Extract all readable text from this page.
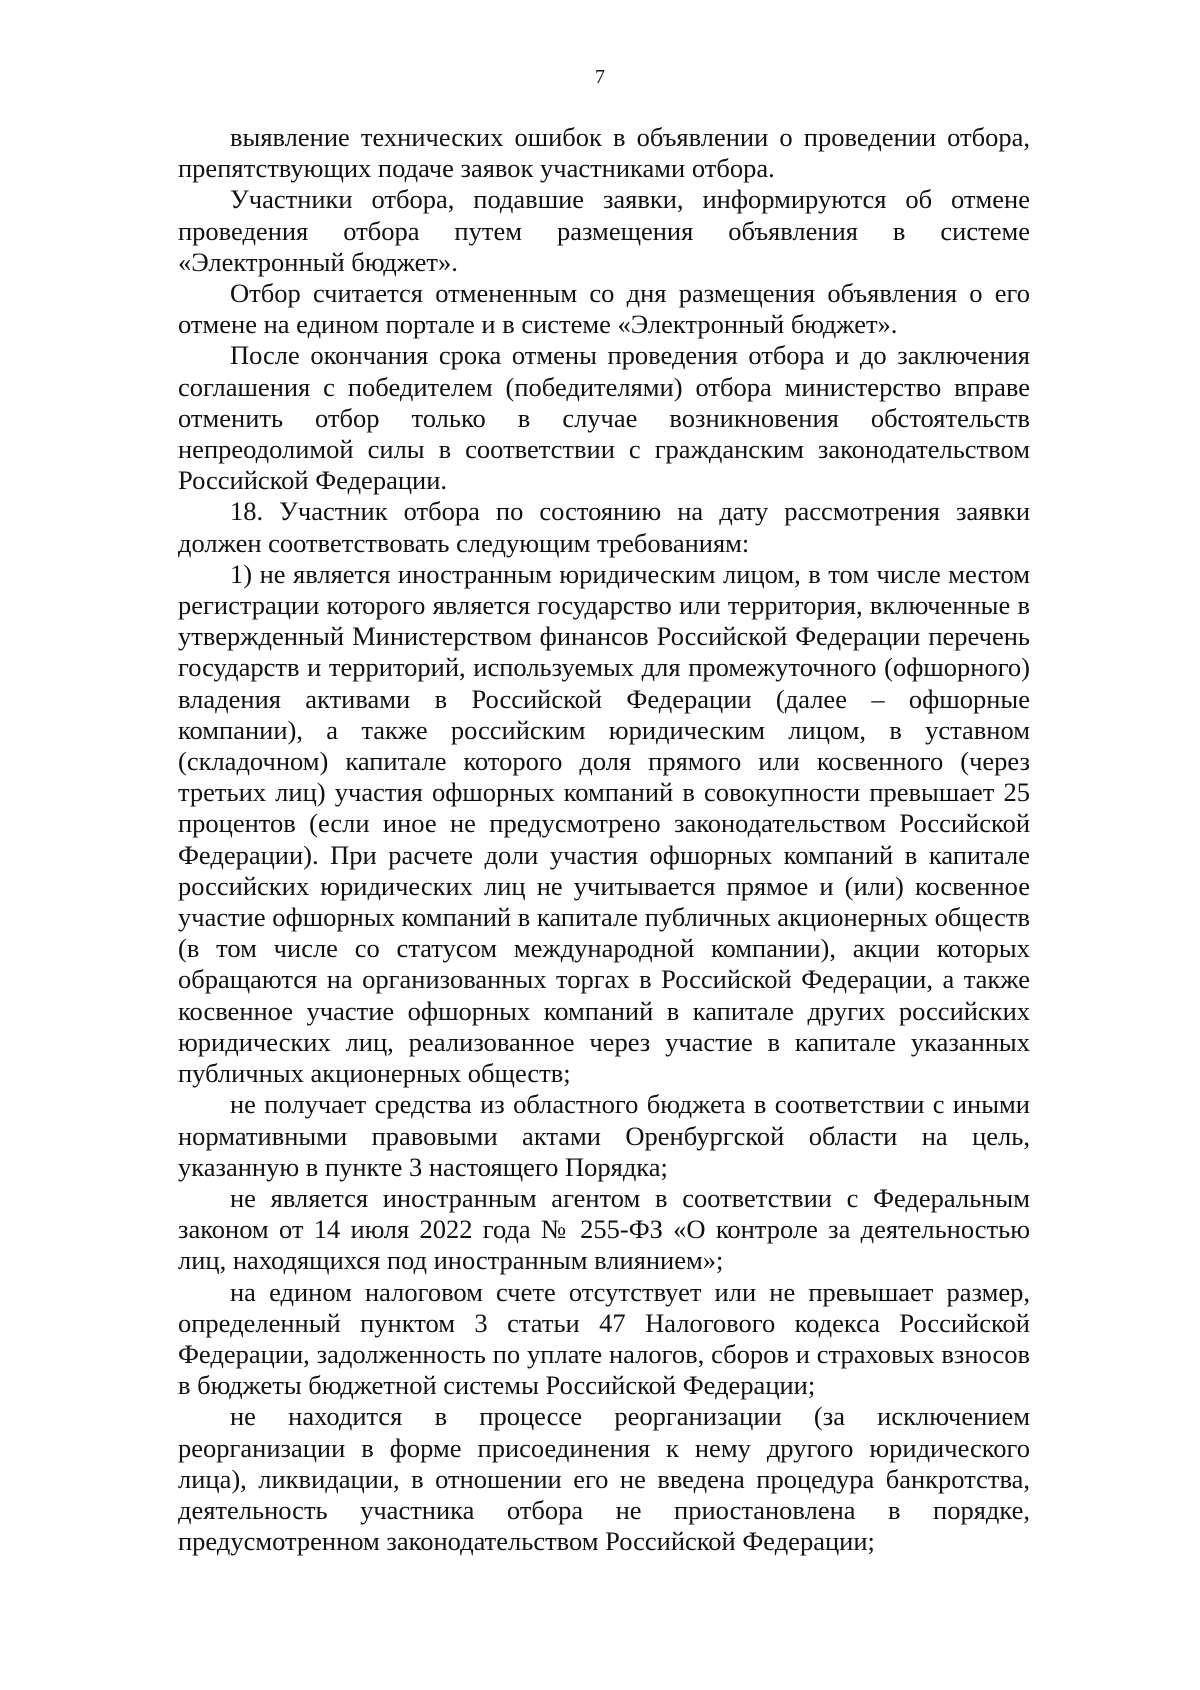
7

выявление технических ошибок в объявлении о проведении отбора, препятствующих подаче заявок участниками отбора.

Участники отбора, подавшие заявки, информируются об отмене проведения отбора путем размещения объявления в системе «Электронный бюджет».

Отбор считается отмененным со дня размещения объявления о его отмене на едином портале и в системе «Электронный бюджет».

После окончания срока отмены проведения отбора и до заключения соглашения с победителем (победителями) отбора министерство вправе отменить отбор только в случае возникновения обстоятельств непреодолимой силы в соответствии с гражданским законодательством Российской Федерации.

18. Участник отбора по состоянию на дату рассмотрения заявки должен соответствовать следующим требованиям:

1) не является иностранным юридическим лицом, в том числе местом регистрации которого является государство или территория, включенные в утвержденный Министерством финансов Российской Федерации перечень государств и территорий, используемых для промежуточного (офшорного) владения активами в Российской Федерации (далее – офшорные компании), а также российским юридическим лицом, в уставном (складочном) капитале которого доля прямого или косвенного (через третьих лиц) участия офшорных компаний в совокупности превышает 25 процентов (если иное не предусмотрено законодательством Российской Федерации). При расчете доли участия офшорных компаний в капитале российских юридических лиц не учитывается прямое и (или) косвенное участие офшорных компаний в капитале публичных акционерных обществ (в том числе со статусом международной компании), акции которых обращаются на организованных торгах в Российской Федерации, а также косвенное участие офшорных компаний в капитале других российских юридических лиц, реализованное через участие в капитале указанных публичных акционерных обществ;

не получает средства из областного бюджета в соответствии с иными нормативными правовыми актами Оренбургской области на цель, указанную в пункте 3 настоящего Порядка;

не является иностранным агентом в соответствии с Федеральным законом от 14 июля 2022 года № 255-ФЗ «О контроле за деятельностью лиц, находящихся под иностранным влиянием»;

на едином налоговом счете отсутствует или не превышает размер, определенный пунктом 3 статьи 47 Налогового кодекса Российской Федерации, задолженность по уплате налогов, сборов и страховых взносов в бюджеты бюджетной системы Российской Федерации;

не находится в процессе реорганизации (за исключением реорганизации в форме присоединения к нему другого юридического лица), ликвидации, в отношении его не введена процедура банкротства, деятельность участника отбора не приостановлена в порядке, предусмотренном законодательством Российской Федерации;
